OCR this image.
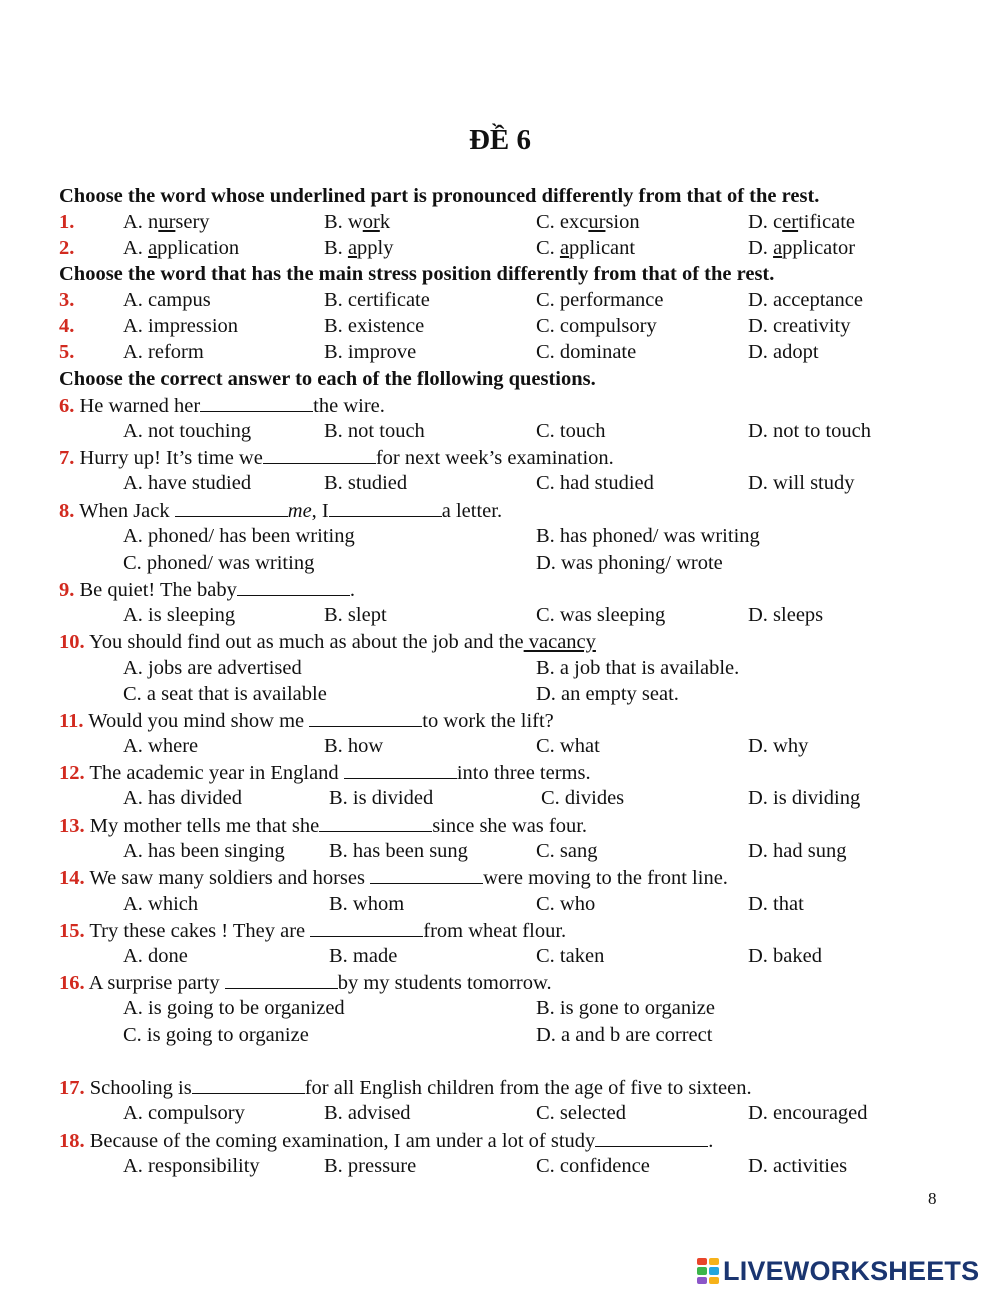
ĐỀ 6
Choose the word whose underlined part is pronounced differently from that of the rest.
1. A. nursery	B. work	C. excursion	D. certificate
2. A. application	B. apply	C. applicant	D. applicator
Choose the word that has the main stress position differently from that of the rest.
3. A. campus	B. certificate	C. performance	D. acceptance
4. A. impression	B. existence	C. compulsory	D. creativity
5. A. reform	B. improve	C. dominate	D. adopt
Choose the correct answer to each of the flollowing questions.
6. He warned her	the wire.
A. not touching	B. not touch	C. touch	D. not to touch
7. Hurry up! It’s time we	for next week’s examination.
A. have studied	B. studied	C. had studied	D. will study
8. When Jack	me, I	a letter.
A. phoned/ has been writing	B. has phoned/ was writing
C. phoned/ was writing	D. was phoning/ wrote
9. Be quiet! The baby	.
A. is sleeping	B. slept	C. was sleeping	D. sleeps
10. You should find out as much as about the job and the vacancy
A. jobs are advertised	B. a job that is available.
C. a seat that is available	D. an empty seat.
11. Would you mind show me	to work the lift?
A. where	B. how	C. what	D. why
12. The academic year in England	into three terms.
A. has divided	B. is divided	C. divides	D. is dividing
13. My mother tells me that she	since she was four.
A. has been singing B. has been sung	C. sang	D. had sung
14. We saw many soldiers and horses	were moving to the front line.
A. which	B. whom	C. who	D. that
15. Try these cakes ! They are	from wheat flour.
A. done	B. made	C. taken	D. baked
16. A surprise party	by my students tomorrow.
A. is going to be organized	B. is gone to organize
C. is going to organize	D. a and b are correct
17. Schooling is	for all English children from the age of five to sixteen.
A. compulsory	B. advised	C. selected	D. encouraged
18. Because of the coming examination, I am under a lot of study	.
A. responsibility	B. pressure	C. confidence	D. activities
8
LIVEWORKSHEETS
